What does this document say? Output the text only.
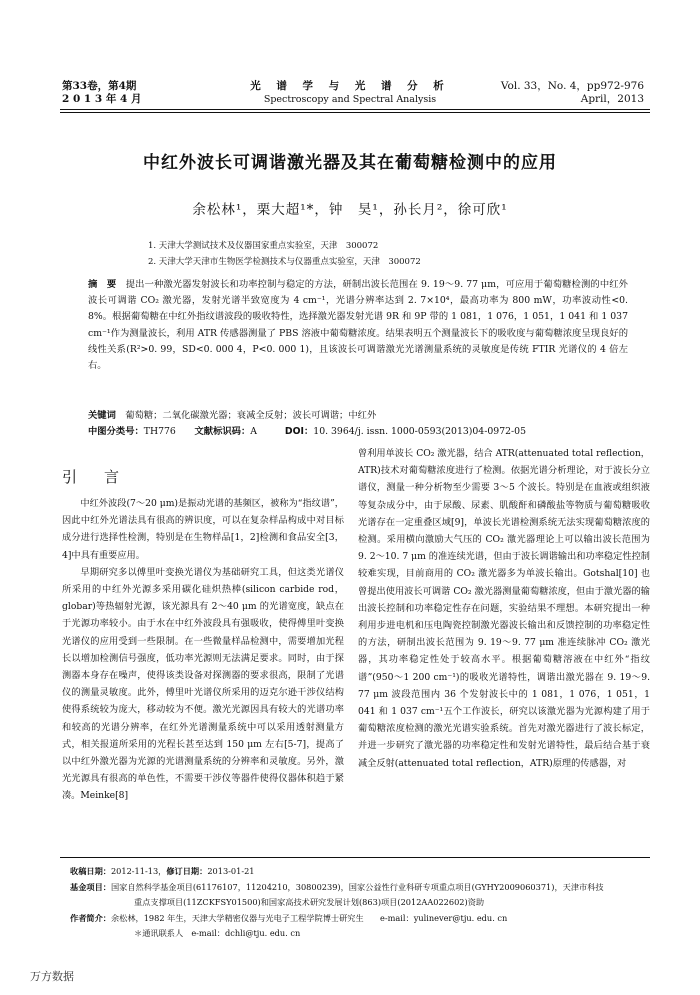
第33卷，第4期
2 0 1 3 年 4 月
光 谱 学 与 光 谱 分 析
Spectroscopy and Spectral Analysis
Vol. 33，No. 4，pp972-976
April，2013
中红外波长可调谐激光器及其在葡萄糖检测中的应用
余松林¹，栗大超¹*，钟　昊¹，孙长月²，徐可欣¹
1. 天津大学测试技术及仪器国家重点实验室，天津　300072
2. 天津大学天津市生物医学检测技术与仪器重点实验室，天津　300072
摘　要　 提出一种激光器发射波长和功率控制与稳定的方法，研制出波长范围在 9. 19～9. 77 μm，可应用于葡萄糖检测的中红外波长可调谐 CO₂ 激光器，发射光谱半致宽度为 4 cm⁻¹，光谱分辨率达到 2. 7×10⁴，最高功率为 800 mW，功率波动性<0. 8%。根据葡萄糖在中红外指纹谱波段的吸收特性，选择激光器发射光谱 9R 和 9P 带的 1 081，1 076，1 051，1 041 和 1 037 cm⁻¹作为测量波长，利用 ATR 传感器测量了 PBS 溶液中葡萄糖浓度。结果表明五个测量波长下的吸收度与葡萄糖浓度呈现良好的线性关系(R²>0. 99，SD<0. 000 4，P<0. 000 1)，且该波长可调谐激光光谱测量系统的灵敏度是传统 FTIR 光谱仪的 4 倍左右。
关键词　 葡萄糖；二氧化碳激光器；衰减全反射；波长可调谐；中红外
中图分类号：TH776　　 文献标识码：A　　　	DOI：10. 3964/j. issn. 1000-0593(2013)04-0972-05
引　言

中红外波段(7～20 μm)是振动光谱的基频区，被称为“指纹谱”，因此中红外光谱法具有很高的辨识度，可以在复杂样品构成中对目标成分进行选择性检测，特别是在生物样品[1，2]检测和食品安全[3，4]中具有重要应用。

早期研究多以傅里叶变换光谱仪为基础研究工具，但这类光谱仪所采用的中红外光源多采用碳化硅炽热棒(silicon carbide rod，globar)等热辐射光源，该光源具有 2～40 μm 的光谱宽度，缺点在于光源功率较小。由于水在中红外波段具有强吸收，使得傅里叶变换光谱仪的应用受到一些限制。在一些微量样品检测中，需要增加光程长以增加检测信号强度，低功率光源则无法满足要求。同时，由于探测器本身存在噪声，使得该类设备对探测器的要求很高，限制了光谱仪的测量灵敏度。此外，傅里叶光谱仪所采用的迈克尔逊干涉仪结构使得系统较为庞大，移动较为不便。激光光源因具有较大的光谱功率和较高的光谱分辨率，在红外光谱测量系统中可以采用透射测量方式，相关报道所采用的光程长甚至达到 150 μm 左右[5-7]，提高了以中红外激光器为光源的光谱测量系统的分辨率和灵敏度。另外，激光光源具有很高的单色性，不需要干涉仪等器件使得仪器体积趋于紧凑。Meinke[8]

曾利用单波长 CO₂ 激光器，结合 ATR(attenuated total reflection，ATR)技术对葡萄糖浓度进行了检测。依据光谱分析理论，对于波长分立谱仪，测量一种分析物至少需要 3～5 个波长。特别是在血液或组织液等复杂成分中，由于尿酸、尿素、肌酸酐和磷酸盐等物质与葡萄糖吸收光谱存在一定重叠区域[9]，单波长光谱检测系统无法实现葡萄糖浓度的检测。采用横向激励大气压的 CO₂ 激光器理论上可以输出波长范围为 9. 2～10. 7 μm 的准连续光谱，但由于波长调谐输出和功率稳定性控制较难实现，目前商用的 CO₂ 激光器多为单波长输出。Gotshal[10] 也曾提出使用波长可调谐 CO₂ 激光器测量葡萄糖浓度，但由于激光器的输出波长控制和功率稳定性存在问题，实验结果不理想。本研究提出一种利用步进电机和压电陶瓷控制激光器波长输出和反馈控制的功率稳定性的方法，研制出波长范围为 9. 19～9. 77 μm 准连续脉冲 CO₂ 激光器，其功率稳定性处于较高水平。根据葡萄糖溶液在中红外“指纹谱”(950～1 200 cm⁻¹)的吸收光谱特性，调谐出激光器在 9. 19～9. 77 μm 波段范围内 36 个发射波长中的 1 081，1 076，1 051，1 041 和 1 037 cm⁻¹五个工作波长，研究以该激光器为光源构建了用于葡萄糖浓度检测的激光光谱实验系统。首先对激光器进行了波长标定，并进一步研究了激光器的功率稳定性和发射光谱特性，最后结合基于衰减全反射(attenuated total reflection，ATR)原理的传感器，对

收稿日期：2012-11-13，修订日期：2013-01-21
基金项目：国家自然科学基金项目(61176107，11204210，30800239)，国家公益性行业科研专项重点项目(GYHY2009060371)，天津市科技
重点支撑项目(11ZCKFSY01500)和国家高技术研究发展计划(863)项目(2012AA022602)资助
作者简介：余松林，1982 年生，天津大学精密仪器与光电子工程学院博士研究生　　e-mail：yulinever@tju. edu. cn
＊通讯联系人　e-mail：dchli@tju. edu. cn
万方数据
